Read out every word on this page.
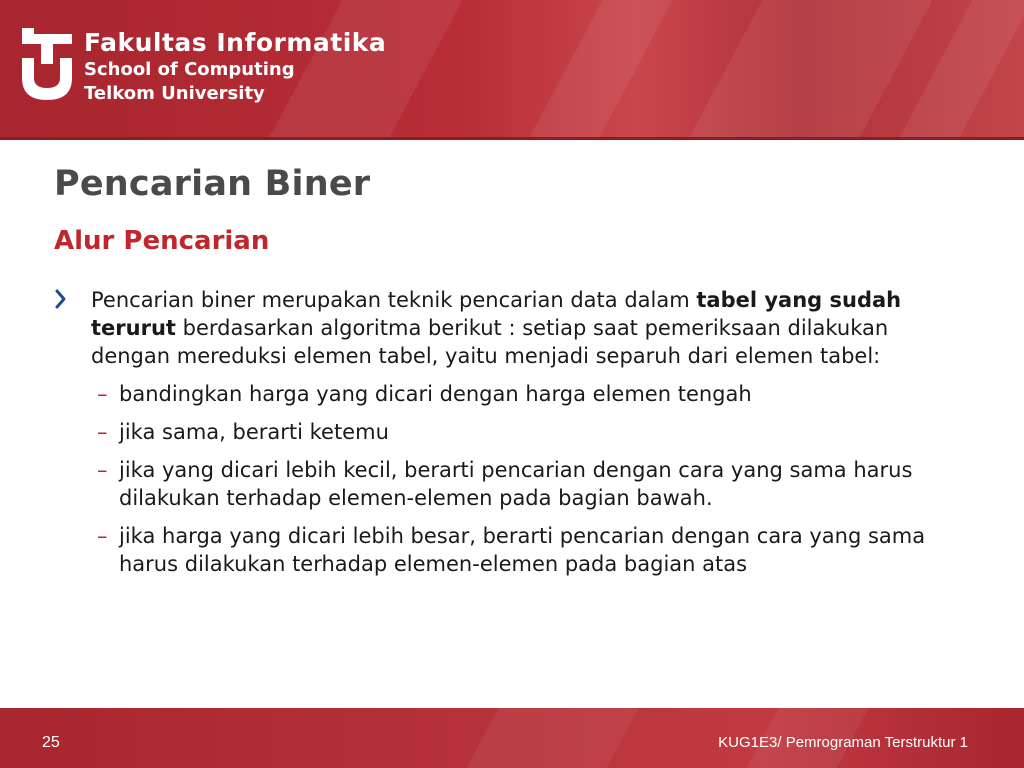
Fakultas Informatika
School of Computing
Telkom University
Pencarian Biner
Alur Pencarian

Pencarian biner merupakan teknik pencarian data dalam tabel yang sudah terurut berdasarkan algoritma berikut : setiap saat pemeriksaan dilakukan dengan mereduksi elemen tabel, yaitu menjadi separuh dari elemen tabel:

– bandingkan harga yang dicari dengan harga elemen tengah
– jika sama, berarti ketemu
– jika yang dicari lebih kecil, berarti pencarian dengan cara yang sama harus dilakukan terhadap elemen-elemen pada bagian bawah.
– jika harga yang dicari lebih besar, berarti pencarian dengan cara yang sama harus dilakukan terhadap elemen-elemen pada bagian atas
25	KUG1E3/ Pemrograman Terstruktur 1
